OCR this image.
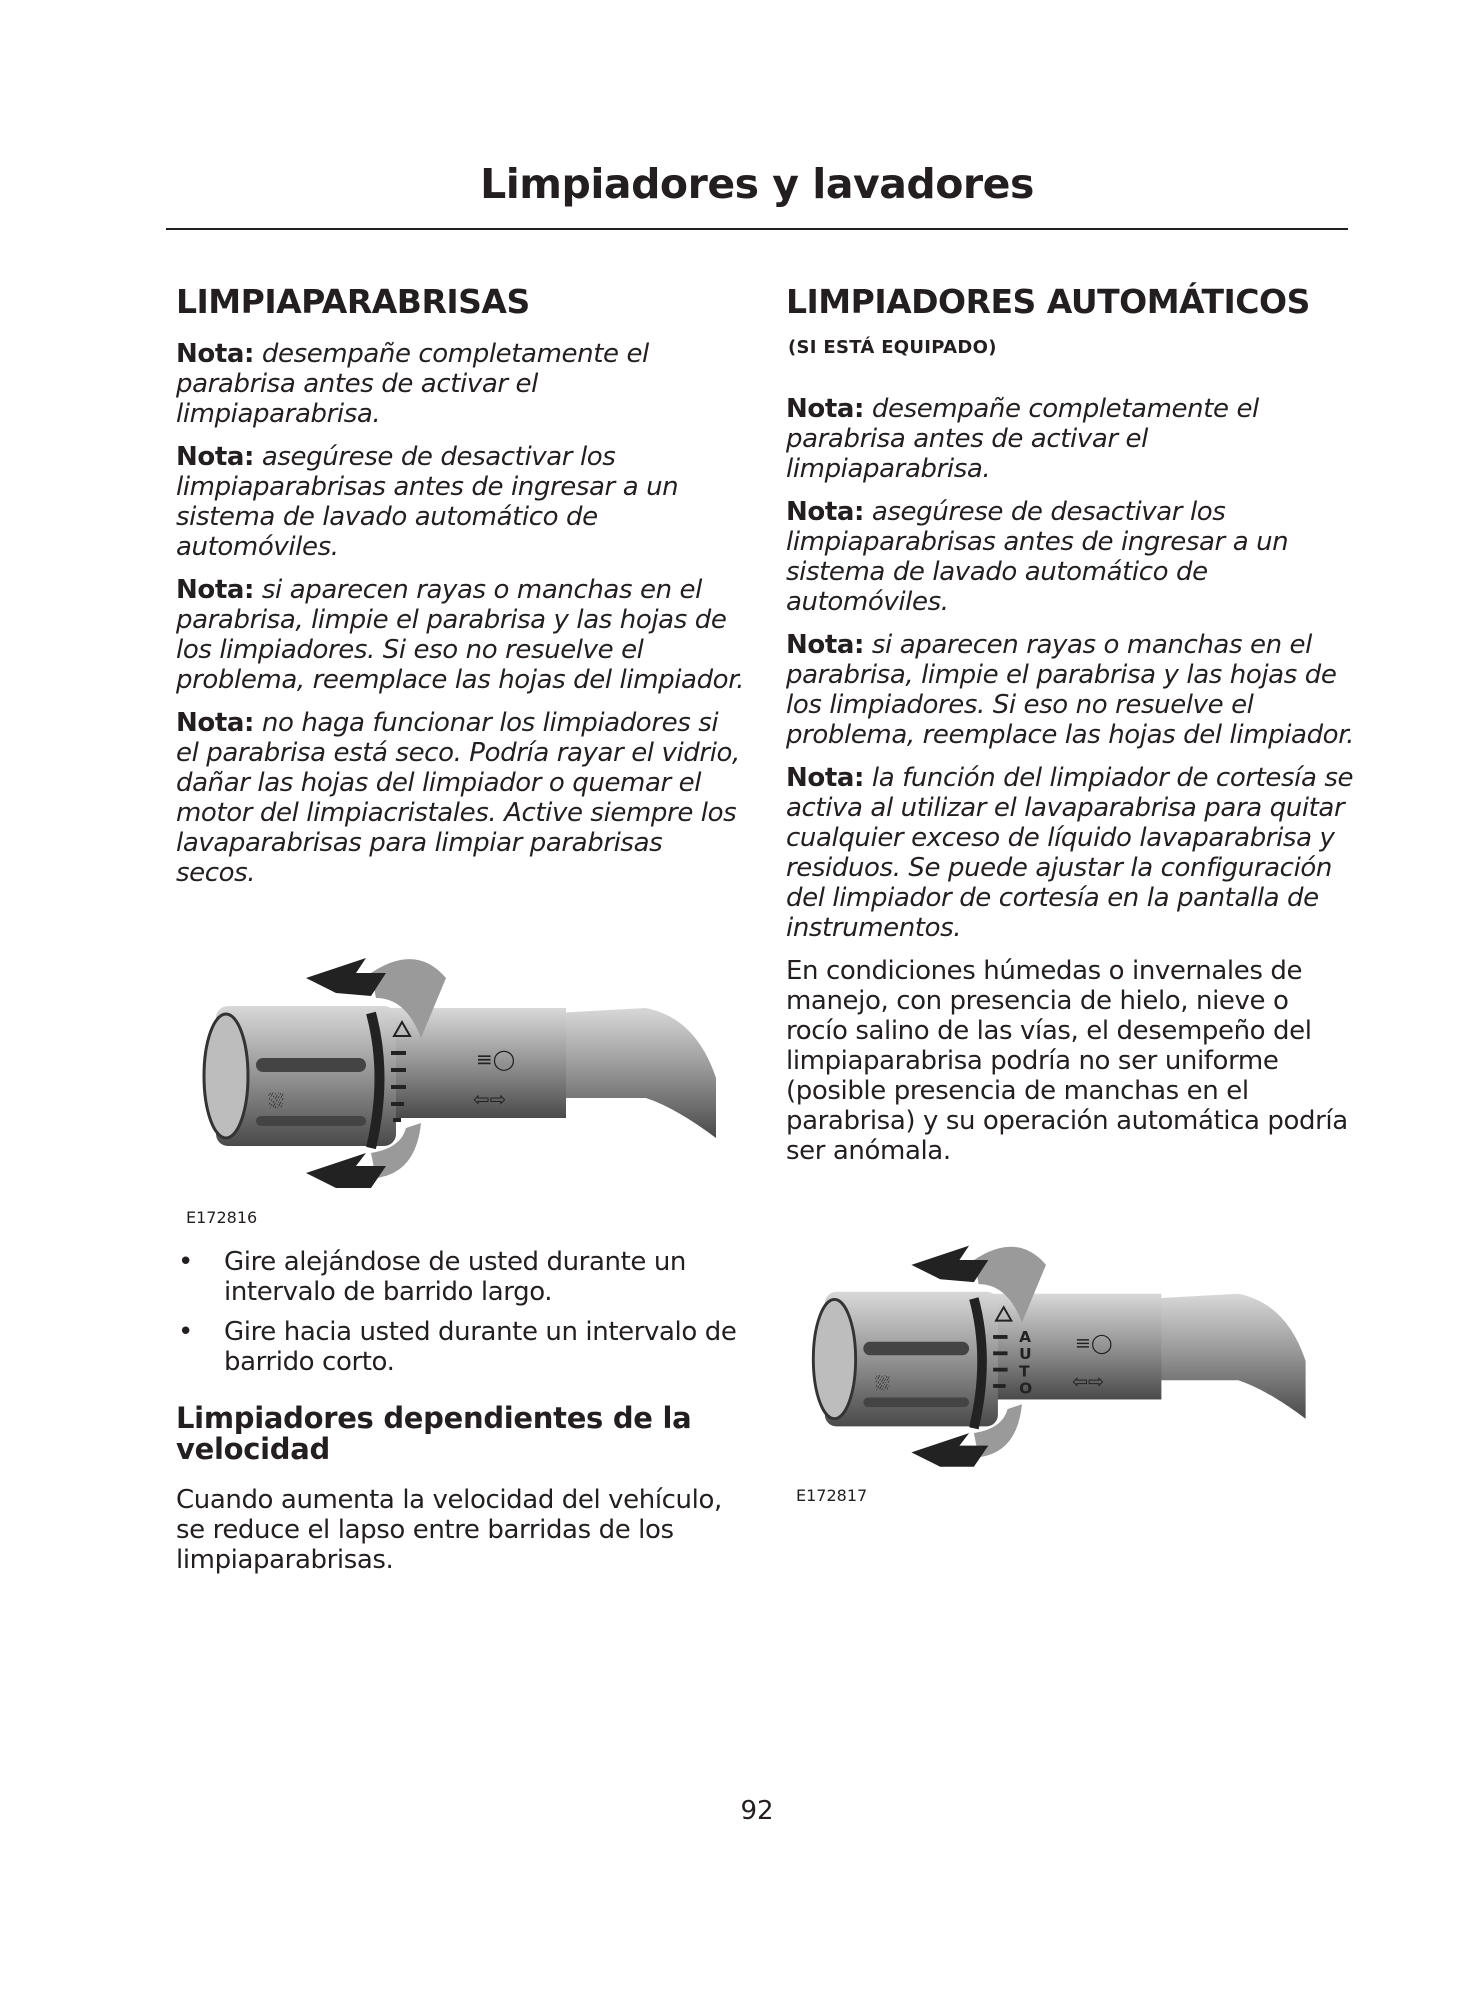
Limpiadores y lavadores
LIMPIAPARABRISAS

Nota: desempañe completamente el parabrisa antes de activar el limpiaparabrisa.

Nota: asegúrese de desactivar los limpiaparabrisas antes de ingresar a un sistema de lavado automático de automóviles.

Nota: si aparecen rayas o manchas en el parabrisa, limpie el parabrisa y las hojas de los limpiadores. Si eso no resuelve el problema, reemplace las hojas del limpiador.

Nota: no haga funcionar los limpiadores si el parabrisa está seco. Podría rayar el vidrio, dañar las hojas del limpiador o quemar el motor del limpiacristales. Active siempre los lavaparabrisas para limpiar parabrisas secos.

⛆
≡◯
⇦⇨
E172816
• Gire alejándose de usted durante un intervalo de barrido largo.
• Gire hacia usted durante un intervalo de barrido corto.
Limpiadores dependientes de la velocidad

Cuando aumenta la velocidad del vehículo, se reduce el lapso entre barridas de los limpiaparabrisas.

LIMPIADORES AUTOMÁTICOS
(SI ESTÁ EQUIPADO)

Nota: desempañe completamente el parabrisa antes de activar el limpiaparabrisa.

Nota: asegúrese de desactivar los limpiaparabrisas antes de ingresar a un sistema de lavado automático de automóviles.

Nota: si aparecen rayas o manchas en el parabrisa, limpie el parabrisa y las hojas de los limpiadores. Si eso no resuelve el problema, reemplace las hojas del limpiador.

Nota: la función del limpiador de cortesía se activa al utilizar el lavaparabrisa para quitar cualquier exceso de líquido lavaparabrisa y residuos. Se puede ajustar la configuración del limpiador de cortesía en la pantalla de instrumentos.

En condiciones húmedas o invernales de manejo, con presencia de hielo, nieve o rocío salino de las vías, el desempeño del limpiaparabrisa podría no ser uniforme (posible presencia de manchas en el parabrisa) y su operación automática podría ser anómala.

A
U
T
O
⛆
≡◯
⇦⇨
E172817
92
